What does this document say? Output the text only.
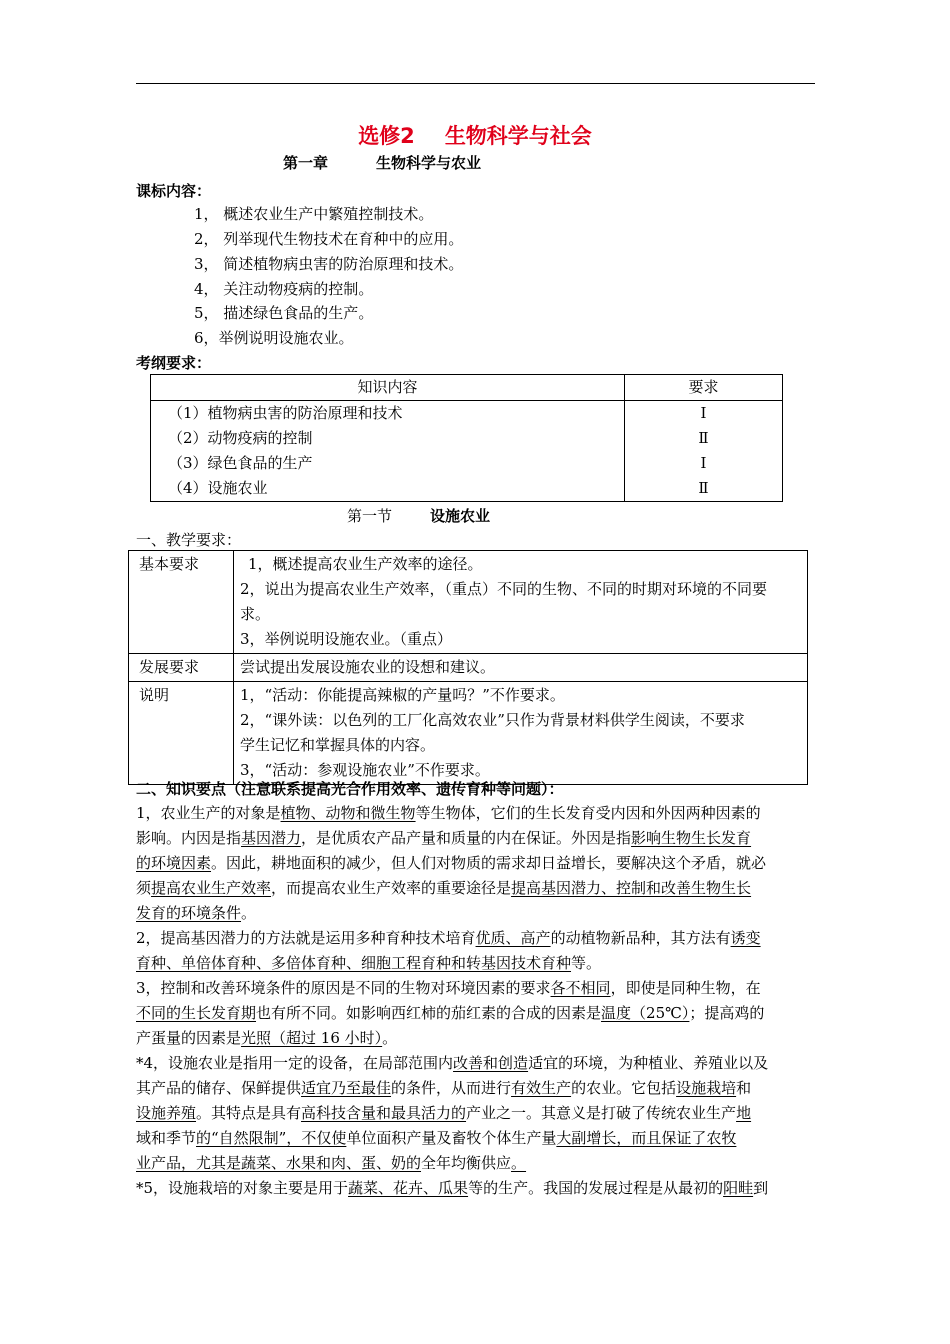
选修2 生物科学与社会
第一章	生物科学与农业
课标内容：
1， 概述农业生产中繁殖控制技术。
2， 列举现代生物技术在育种中的应用。
3， 简述植物病虫害的防治原理和技术。
4， 关注动物疫病的控制。
5， 描述绿色食品的生产。
6，举例说明设施农业。
考纲要求：
知识内容	要求
（1）植物病虫害的防治原理和技术	Ⅰ
（2）动物疫病的控制	Ⅱ
（3）绿色食品的生产	Ⅰ
（4）设施农业	Ⅱ
第一节	设施农业
一、教学要求：
基本要求	1，概述提高农业生产效率的途径。
2，说出为提高农业生产效率，（重点）不同的生物、不同的时期对环境的不同要
求。
3，举例说明设施农业。（重点）

发展要求	尝试提出发展设施农业的设想和建议。
说明	1，“活动：你能提高辣椒的产量吗？”不作要求。
2，“课外读：以色列的工厂化高效农业”只作为背景材料供学生阅读，不要求
学生记忆和掌握具体的内容。
3，“活动：参观设施农业”不作要求。
二、知识要点（注意联系提高光合作用效率、遗传育种等问题）：
1，农业生产的对象是植物、动物和微生物等生物体，它们的生长发育受内因和外因两种因素的
影响。内因是指基因潜力，是优质农产品产量和质量的内在保证。外因是指影响生物生长发育
的环境因素。因此，耕地面积的减少，但人们对物质的需求却日益增长，要解决这个矛盾，就必
须提高农业生产效率，而提高农业生产效率的重要途径是提高基因潜力、控制和改善生物生长
发育的环境条件。
2，提高基因潜力的方法就是运用多种育种技术培育优质、高产的动植物新品种，其方法有诱变
育种、单倍体育种、多倍体育种、细胞工程育种和转基因技术育种等。
3，控制和改善环境条件的原因是不同的生物对环境因素的要求各不相同，即使是同种生物，在
不同的生长发育期也有所不同。如影响西红柿的茄红素的合成的因素是温度（25℃）；提高鸡的
产蛋量的因素是光照（超过 16 小时）。
*4，设施农业是指用一定的设备，在局部范围内改善和创造适宜的环境，为种植业、养殖业以及
其产品的储存、保鲜提供适宜乃至最佳的条件，从而进行有效生产的农业。它包括设施栽培和
设施养殖。其特点是具有高科技含量和最具活力的产业之一。其意义是打破了传统农业生产地
域和季节的“自然限制”，不仅使单位面积产量及畜牧个体生产量大副增长，而且保证了农牧
业产品，尤其是蔬菜、水果和肉、蛋、奶的全年均衡供应。
*5，设施栽培的对象主要是用于蔬菜、花卉、瓜果等的生产。我国的发展过程是从最初的阳畦到
